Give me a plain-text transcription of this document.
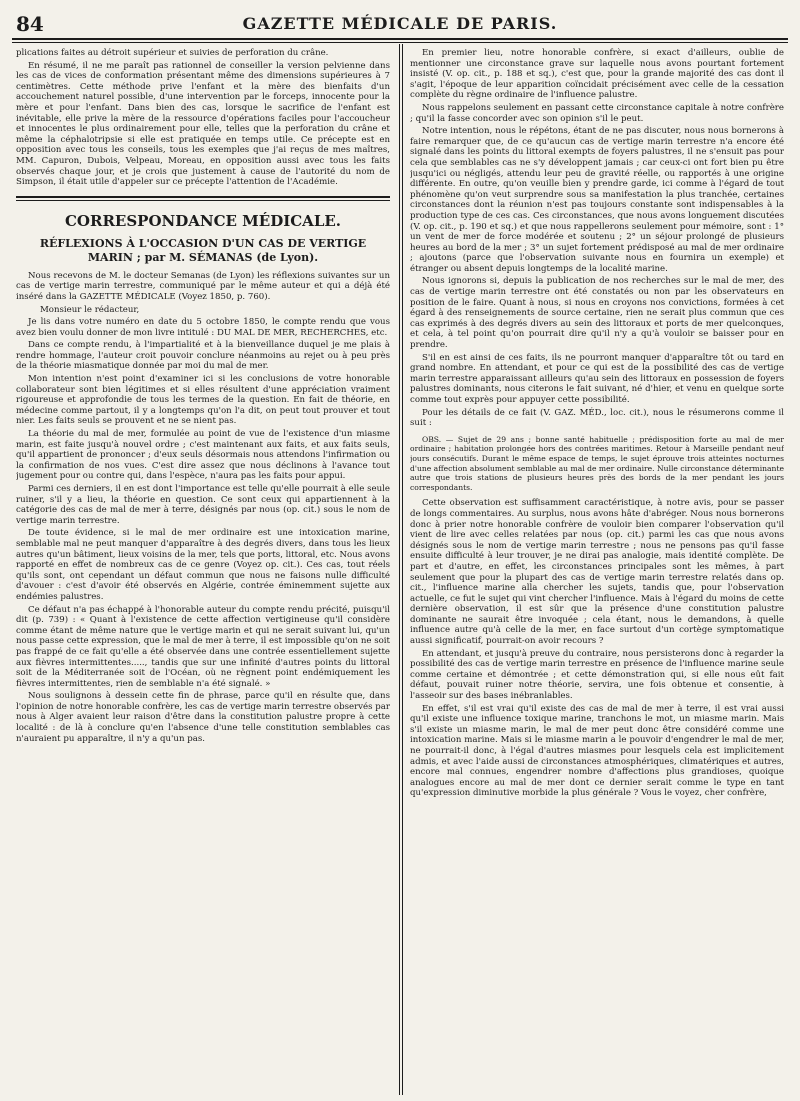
84	GAZETTE MÉDICALE DE PARIS.

plications faites au détroit supérieur et suivies de perforation du crâne.

En résumé, il ne me paraît pas rationnel de conseiller la version pelvienne dans les cas de vices de conformation présentant même des dimensions supérieures à 7 centimètres. Cette méthode prive l'enfant et la mère des bienfaits d'un accouchement naturel possible, d'une intervention par le forceps, innocente pour la mère et pour l'enfant. Dans bien des cas, lorsque le sacrifice de l'enfant est inévitable, elle prive la mère de la ressource d'opérations faciles pour l'accoucheur et innocentes le plus ordinairement pour elle, telles que la perforation du crâne et même la céphalotripsie si elle est pratiquée en temps utile. Ce précepte est en opposition avec tous les conseils, tous les exemples que j'ai reçus de mes maîtres, MM. Capuron, Dubois, Velpeau, Moreau, en opposition aussi avec tous les faits observés chaque jour, et je crois que justement à cause de l'autorité du nom de Simpson, il était utile d'appeler sur ce précepte l'attention de l'Académie.

CORRESPONDANCE MÉDICALE.
RÉFLEXIONS À L'OCCASION D'UN CAS DE VERTIGE MARIN ; par M. SÉMANAS (de Lyon).

Nous recevons de M. le docteur Semanas (de Lyon) les réflexions suivantes sur un cas de vertige marin terrestre, communiqué par le même auteur et qui a déjà été inséré dans la GAZETTE MÉDICALE (Voyez 1850, p. 760).

Monsieur le rédacteur,

Je lis dans votre numéro en date du 5 octobre 1850, le compte rendu que vous avez bien voulu donner de mon livre intitulé : DU MAL DE MER, RECHERCHES, etc.

Dans ce compte rendu, à l'impartialité et à la bienveillance duquel je me plais à rendre hommage, l'auteur croit pouvoir conclure néanmoins au rejet ou à peu près de la théorie miasmatique donnée par moi du mal de mer.

Mon intention n'est point d'examiner ici si les conclusions de votre honorable collaborateur sont bien légitimes et si elles résultent d'une appréciation vraiment rigoureuse et approfondie de tous les termes de la question. En fait de théorie, en médecine comme partout, il y a longtemps qu'on l'a dit, on peut tout prouver et tout nier. Les faits seuls se prouvent et ne se nient pas.

La théorie du mal de mer, formulée au point de vue de l'existence d'un miasme marin, est faite jusqu'à nouvel ordre ; c'est maintenant aux faits, et aux faits seuls, qu'il appartient de prononcer ; d'eux seuls désormais nous attendons l'infirmation ou la confirmation de nos vues. C'est dire assez que nous déclinons à l'avance tout jugement pour ou contre qui, dans l'espèce, n'aura pas les faits pour appui.

Parmi ces derniers, il en est dont l'importance est telle qu'elle pourrait à elle seule ruiner, s'il y a lieu, la théorie en question. Ce sont ceux qui appartiennent à la catégorie des cas de mal de mer à terre, désignés par nous (op. cit.) sous le nom de vertige marin terrestre.

De toute évidence, si le mal de mer ordinaire est une intoxication marine, semblable mal ne peut manquer d'apparaître à des degrés divers, dans tous les lieux autres qu'un bâtiment, lieux voisins de la mer, tels que ports, littoral, etc. Nous avons rapporté en effet de nombreux cas de ce genre (Voyez op. cit.). Ces cas, tout réels qu'ils sont, ont cependant un défaut commun que nous ne faisons nulle difficulté d'avouer : c'est d'avoir été observés en Algérie, contrée éminemment sujette aux endémies palustres.

Ce défaut n'a pas échappé à l'honorable auteur du compte rendu précité, puisqu'il dit (p. 739) : « Quant à l'existence de cette affection vertigineuse qu'il considère comme étant de même nature que le vertige marin et qui ne serait suivant lui, qu'un nous passe cette expression, que le mal de mer à terre, il est impossible qu'on ne soit pas frappé de ce fait qu'elle a été observée dans une contrée essentiellement sujette aux fièvres intermittentes....., tandis que sur une infinité d'autres points du littoral soit de la Méditerranée soit de l'Océan, où ne règnent point endémiquement les fièvres intermittentes, rien de semblable n'a été signalé. »

Nous soulignons à dessein cette fin de phrase, parce qu'il en résulte que, dans l'opinion de notre honorable confrère, les cas de vertige marin terrestre observés par nous à Alger avaient leur raison d'être dans la constitution palustre propre à cette localité : de là à conclure qu'en l'absence d'une telle constitution semblables cas n'auraient pu apparaître, il n'y a qu'un pas.

En premier lieu, notre honorable confrère, si exact d'ailleurs, oublie de mentionner une circonstance grave sur laquelle nous avons pourtant fortement insisté (V. op. cit., p. 188 et sq.), c'est que, pour la grande majorité des cas dont il s'agit, l'époque de leur apparition coïncidait précisément avec celle de la cessation complète du règne ordinaire de l'influence palustre.

Nous rappelons seulement en passant cette circonstance capitale à notre confrère ; qu'il la fasse concorder avec son opinion s'il le peut.

Notre intention, nous le répétons, étant de ne pas discuter, nous nous bornerons à faire remarquer que, de ce qu'aucun cas de vertige marin terrestre n'a encore été signalé dans les points du littoral exempts de foyers palustres, il ne s'ensuit pas pour cela que semblables cas ne s'y développent jamais ; car ceux-ci ont fort bien pu être jusqu'ici ou négligés, attendu leur peu de gravité réelle, ou rapportés à une origine différente. En outre, qu'on veuille bien y prendre garde, ici comme à l'égard de tout phénomène qu'on veut surprendre sous sa manifestation la plus tranchée, certaines circonstances dont la réunion n'est pas toujours constante sont indispensables à la production type de ces cas. Ces circonstances, que nous avons longuement discutées (V. op. cit., p. 190 et sq.) et que nous rappellerons seulement pour mémoire, sont : 1° un vent de mer de force modérée et soutenu ; 2° un séjour prolongé de plusieurs heures au bord de la mer ; 3° un sujet fortement prédisposé au mal de mer ordinaire ; ajoutons (parce que l'observation suivante nous en fournira un exemple) et étranger ou absent depuis longtemps de la localité marine.

Nous ignorons si, depuis la publication de nos recherches sur le mal de mer, des cas de vertige marin terrestre ont été constatés ou non par les observateurs en position de le faire. Quant à nous, si nous en croyons nos convictions, formées à cet égard à des renseignements de source certaine, rien ne serait plus commun que ces cas exprimés à des degrés divers au sein des littoraux et ports de mer quelconques, et cela, à tel point qu'on pourrait dire qu'il n'y a qu'à vouloir se baisser pour en prendre.

S'il en est ainsi de ces faits, ils ne pourront manquer d'apparaître tôt ou tard en grand nombre. En attendant, et pour ce qui est de la possibilité des cas de vertige marin terrestre apparaissant ailleurs qu'au sein des littoraux en possession de foyers palustres dominants, nous citerons le fait suivant, né d'hier, et venu en quelque sorte comme tout exprès pour appuyer cette possibilité.

Pour les détails de ce fait (V. GAZ. MÉD., loc. cit.), nous le résumerons comme il suit :

OBS. — Sujet de 29 ans ; bonne santé habituelle ; prédisposition forte au mal de mer ordinaire ; habitation prolongée hors des contrées maritimes. Retour à Marseille pendant neuf jours consécutifs. Durant le même espace de temps, le sujet éprouve trois atteintes nocturnes d'une affection absolument semblable au mal de mer ordinaire. Nulle circonstance déterminante autre que trois stations de plusieurs heures près des bords de la mer pendant les jours correspondants.

Cette observation est suffisamment caractéristique, à notre avis, pour se passer de longs commentaires. Au surplus, nous avons hâte d'abréger. Nous nous bornerons donc à prier notre honorable confrère de vouloir bien comparer l'observation qu'il vient de lire avec celles relatées par nous (op. cit.) parmi les cas que nous avons désignés sous le nom de vertige marin terrestre ; nous ne pensons pas qu'il fasse ensuite difficulté à leur trouver, je ne dirai pas analogie, mais identité complète. De part et d'autre, en effet, les circonstances principales sont les mêmes, à part seulement que pour la plupart des cas de vertige marin terrestre relatés dans op. cit., l'influence marine alla chercher les sujets, tandis que, pour l'observation actuelle, ce fut le sujet qui vint chercher l'influence. Mais à l'égard du moins de cette dernière observation, il est sûr que la présence d'une constitution palustre dominante ne saurait être invoquée ; cela étant, nous le demandons, à quelle influence autre qu'à celle de la mer, en face surtout d'un cortège symptomatique aussi significatif, pourrait-on avoir recours ?

En attendant, et jusqu'à preuve du contraire, nous persisterons donc à regarder la possibilité des cas de vertige marin terrestre en présence de l'influence marine seule comme certaine et démontrée ; et cette démonstration qui, si elle nous eût fait défaut, pouvait ruiner notre théorie, servira, une fois obtenue et consentie, à l'asseoir sur des bases inébranlables.

En effet, s'il est vrai qu'il existe des cas de mal de mer à terre, il est vrai aussi qu'il existe une influence toxique marine, tranchons le mot, un miasme marin. Mais s'il existe un miasme marin, le mal de mer peut donc être considéré comme une intoxication marine. Mais si le miasme marin a le pouvoir d'engendrer le mal de mer, ne pourrait-il donc, à l'égal d'autres miasmes pour lesquels cela est implicitement admis, et avec l'aide aussi de circonstances atmosphériques, climatériques et autres, encore mal connues, engendrer nombre d'affections plus grandioses, quoique analogues encore au mal de mer dont ce dernier serait comme le type en tant qu'expression diminutive morbide la plus générale ? Vous le voyez, cher confrère,
